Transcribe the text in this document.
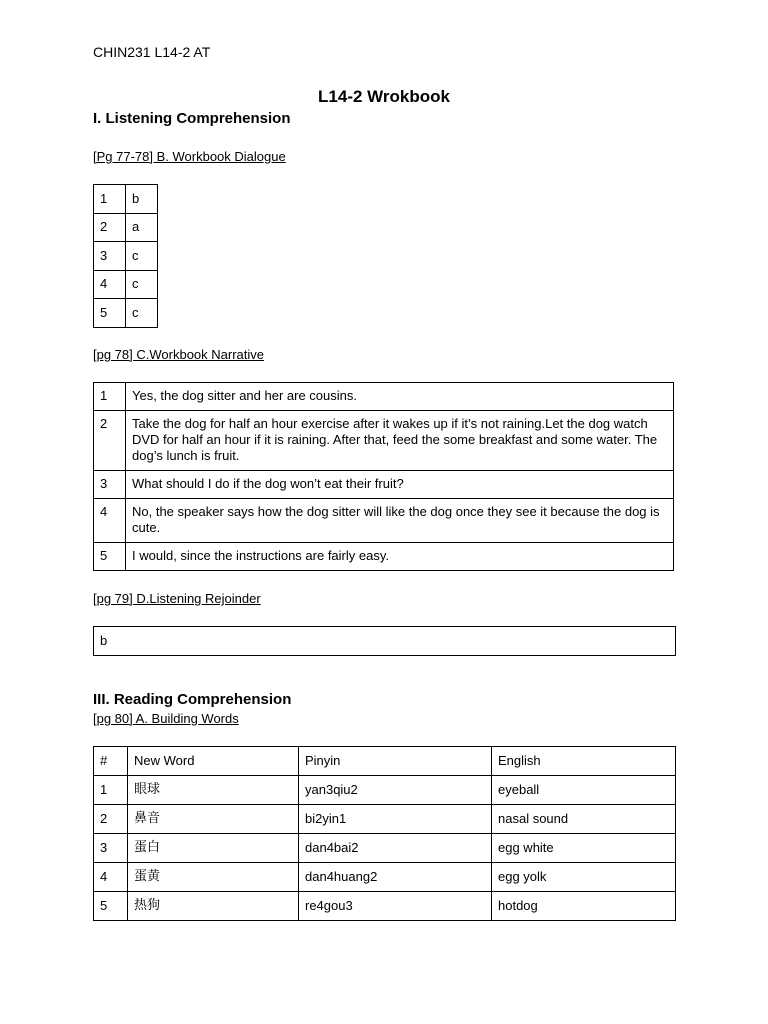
CHIN231 L14-2 AT
L14-2 Wrokbook
I. Listening Comprehension
[Pg 77-78] B. Workbook Dialogue
1	b
2	a
3	c
4	c
5	c
[pg 78] C.Workbook Narrative
1	Yes, the dog sitter and her are cousins.
2	Take the dog for half an hour exercise after it wakes up if it’s not raining.Let the dog watch DVD for half an hour if it is raining. After that, feed the some breakfast and some water. The dog’s lunch is fruit.
3	What should I do if the dog won’t eat their fruit?
4	No, the speaker says how the dog sitter will like the dog once they see it because the dog is cute.
5	I would, since the instructions are fairly easy.
[pg 79] D.Listening Rejoinder
b
III. Reading Comprehension
[pg 80] A. Building Words
#	New Word	Pinyin	English
1	眼球	yan3qiu2	eyeball
2	鼻音	bi2yin1	nasal sound
3	蛋白	dan4bai2	egg white
4	蛋黄	dan4huang2	egg yolk
5	热狗	re4gou3	hotdog
